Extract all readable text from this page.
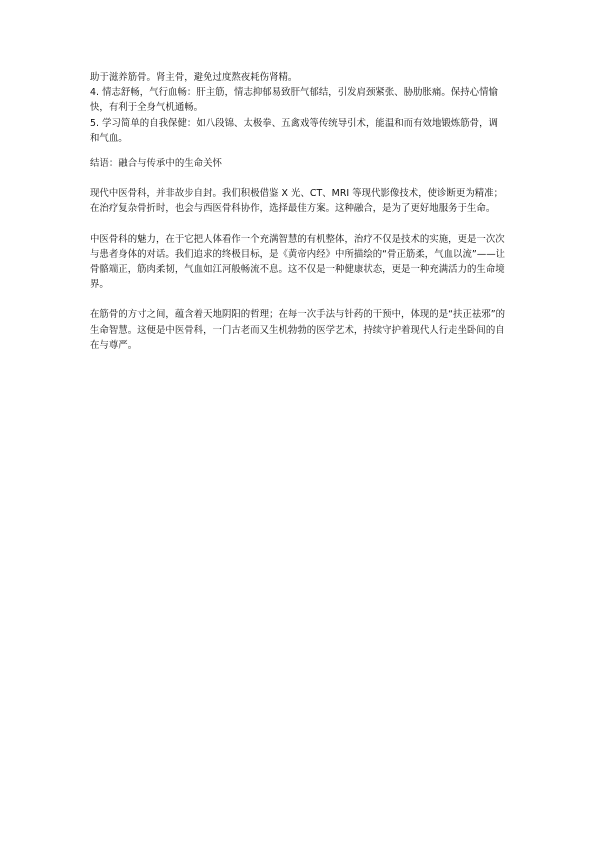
助于滋养筋骨。肾主骨，避免过度熬夜耗伤肾精。

4. 情志舒畅，气行血畅：肝主筋，情志抑郁易致肝气郁结，引发肩颈紧张、胁肋胀痛。保持心情愉快，有利于全身气机通畅。

5. 学习简单的自我保健：如八段锦、太极拳、五禽戏等传统导引术，能温和而有效地锻炼筋骨，调和气血。

结语：融合与传承中的生命关怀

现代中医骨科，并非故步自封。我们积极借鉴 X 光、CT、MRI 等现代影像技术，使诊断更为精准；在治疗复杂骨折时，也会与西医骨科协作，选择最佳方案。这种融合，是为了更好地服务于生命。

中医骨科的魅力，在于它把人体看作一个充满智慧的有机整体，治疗不仅是技术的实施，更是一次次与患者身体的对话。我们追求的终极目标，是《黄帝内经》中所描绘的“骨正筋柔，气血以流”——让骨骼端正，筋肉柔韧，气血如江河般畅流不息。这不仅是一种健康状态，更是一种充满活力的生命境界。

在筋骨的方寸之间，蕴含着天地阴阳的哲理；在每一次手法与针药的干预中，体现的是“扶正祛邪”的生命智慧。这便是中医骨科，一门古老而又生机勃勃的医学艺术，持续守护着现代人行走坐卧间的自在与尊严。
